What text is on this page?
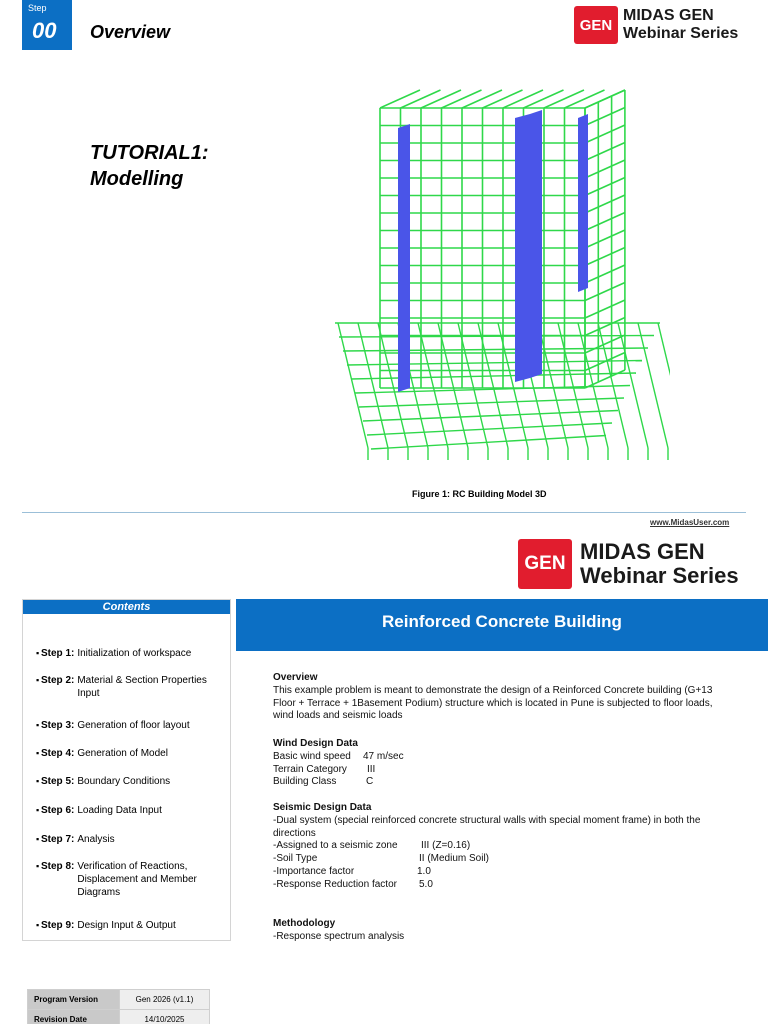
Step
00 Overview	GEN
MIDAS GEN
Webinar Series
TUTORIAL1:
Modelling
Figure 1: RC Building Model 3D
www.MidasUser.com
GEN MIDAS GEN
Webinar Series
Contents
▪ Step 1: Initialization of workspace
▪ Step 2: Material & Section Properties Input
▪ Step 3: Generation of floor layout
▪ Step 4: Generation of Model
▪ Step 5: Boundary Conditions
▪ Step 6: Loading Data Input
▪ Step 7: Analysis
▪ Step 8: Verification of Reactions, Displacement and Member Diagrams
▪ Step 9: Design Input & Output
Reinforced Concrete Building
Overview
This example problem is meant to demonstrate the design of a Reinforced Concrete building (G+13 Floor + Terrace + 1Basement Podium) structure which is located in Pune is subjected to floor loads, wind loads and seismic loads
Wind Design Data
Basic wind speed	47 m/sec
Terrain Category	III
Building Class	C
Seismic Design Data
-Dual system (special reinforced concrete structural walls with special moment frame) in both the directions
-Assigned to a seismic zone	III (Z=0.16)
-Soil Type	II (Medium Soil)
-Importance factor	1.0
-Response Reduction factor	5.0
Methodology
-Response spectrum analysis
Program Version	Gen 2026 (v1.1)
Revision Date	14/10/2025
